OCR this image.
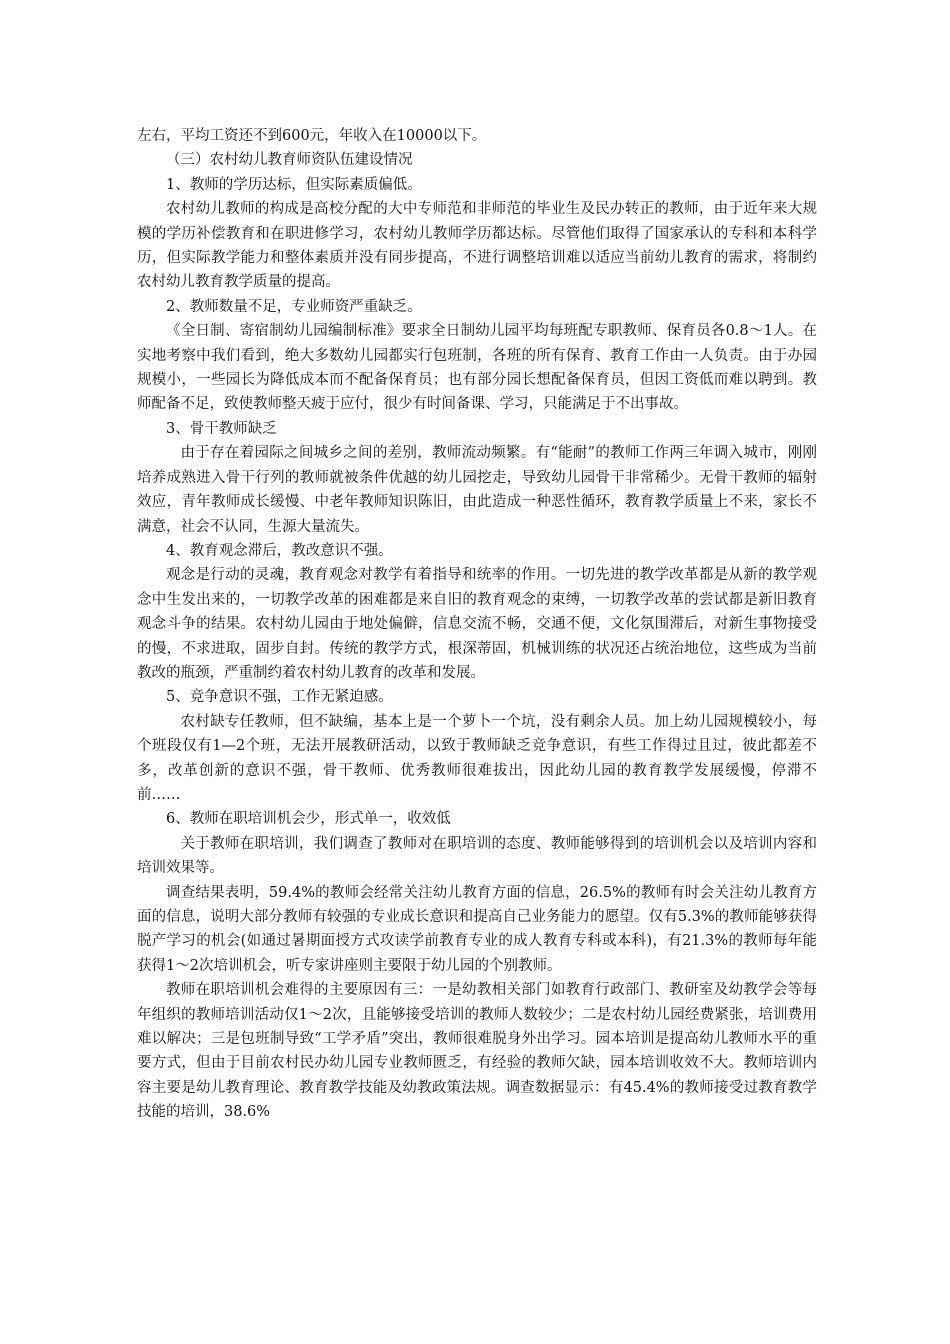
左右，平均工资还不到600元，年收入在10000以下。

（三）农村幼儿教育师资队伍建设情况

1、教师的学历达标，但实际素质偏低。

农村幼儿教师的构成是高校分配的大中专师范和非师范的毕业生及民办转正的教师，由于近年来大规模的学历补偿教育和在职进修学习，农村幼儿教师学历都达标。尽管他们取得了国家承认的专科和本科学历，但实际教学能力和整体素质并没有同步提高，不进行调整培训难以适应当前幼儿教育的需求，将制约农村幼儿教育教学质量的提高。

2、教师数量不足，专业师资严重缺乏。

《全日制、寄宿制幼儿园编制标准》要求全日制幼儿园平均每班配专职教师、保育员各0.8～1人。在实地考察中我们看到，绝大多数幼儿园都实行包班制，各班的所有保育、教育工作由一人负责。由于办园规模小，一些园长为降低成本而不配备保育员；也有部分园长想配备保育员，但因工资低而难以聘到。教师配备不足，致使教师整天疲于应付，很少有时间备课、学习，只能满足于不出事故。

3、骨干教师缺乏

由于存在着园际之间城乡之间的差别，教师流动频繁。有“能耐”的教师工作两三年调入城市，刚刚培养成熟进入骨干行列的教师就被条件优越的幼儿园挖走，导致幼儿园骨干非常稀少。无骨干教师的辐射效应，青年教师成长缓慢、中老年教师知识陈旧，由此造成一种恶性循环，教育教学质量上不来，家长不满意，社会不认同，生源大量流失。

4、教育观念滞后，教改意识不强。

观念是行动的灵魂，教育观念对教学有着指导和统率的作用。一切先进的教学改革都是从新的教学观念中生发出来的，一切教学改革的困难都是来自旧的教育观念的束缚，一切教学改革的尝试都是新旧教育观念斗争的结果。农村幼儿园由于地处偏僻，信息交流不畅，交通不便，文化氛围滞后，对新生事物接受的慢，不求进取，固步自封。传统的教学方式，根深蒂固，机械训练的状况还占统治地位，这些成为当前教改的瓶颈，严重制约着农村幼儿教育的改革和发展。

5、竞争意识不强，工作无紧迫感。

农村缺专任教师，但不缺编，基本上是一个萝卜一个坑，没有剩余人员。加上幼儿园规模较小，每个班段仅有1—2个班，无法开展教研活动，以致于教师缺乏竞争意识，有些工作得过且过，彼此都差不多，改革创新的意识不强，骨干教师、优秀教师很难拔出，因此幼儿园的教育教学发展缓慢，停滞不前……

6、教师在职培训机会少，形式单一，收效低

关于教师在职培训，我们调查了教师对在职培训的态度、教师能够得到的培训机会以及培训内容和培训效果等。

调查结果表明，59.4%的教师会经常关注幼儿教育方面的信息，26.5%的教师有时会关注幼儿教育方面的信息，说明大部分教师有较强的专业成长意识和提高自己业务能力的愿望。仅有5.3%的教师能够获得脱产学习的机会(如通过暑期面授方式攻读学前教育专业的成人教育专科或本科)，有21.3%的教师每年能获得1～2次培训机会，听专家讲座则主要限于幼儿园的个别教师。

教师在职培训机会难得的主要原因有三：一是幼教相关部门如教育行政部门、教研室及幼教学会等每年组织的教师培训活动仅1～2次，且能够接受培训的教师人数较少；二是农村幼儿园经费紧张，培训费用难以解决；三是包班制导致“工学矛盾”突出，教师很难脱身外出学习。园本培训是提高幼儿教师水平的重要方式，但由于目前农村民办幼儿园专业教师匮乏，有经验的教师欠缺，园本培训收效不大。教师培训内容主要是幼儿教育理论、教育教学技能及幼教政策法规。调查数据显示：有45.4%的教师接受过教育教学技能的培训，38.6%
